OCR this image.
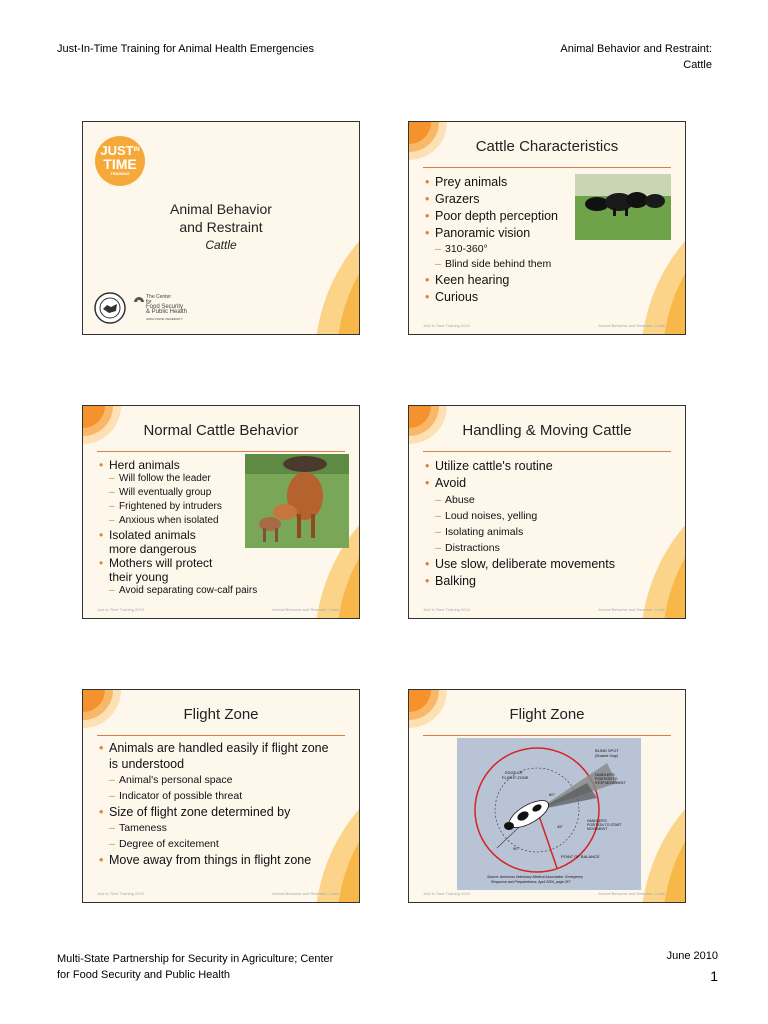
Just-In-Time Training for Animal Health Emergencies	Animal Behavior and Restraint:
Cattle
$JUST^{IN}$
TIME
TRAINING
Animal Behavior
and Restraint
Cattle
The Center
for
Food Security
& Public Health
IOWA STATE UNIVERSITY
Cattle Characteristics
• Prey animals
• Grazers
• Poor depth perception
• Panoramic vision
– 310-360°
– Blind side behind them
• Keen hearing
• Curious
Just In Time Training 2010	Animal Behavior and Restraint: Cattle
Normal Cattle Behavior
• Herd animals
– Will follow the leader
– Will eventually group
– Frightened by intruders
– Anxious when isolated
• Isolated animals more dangerous
• Mothers will protect their young
– Avoid separating cow-calf pairs
Just In Time Training 2010	Animal Behavior and Restraint: Cattle
Handling & Moving Cattle
• Utilize cattle's routine
• Avoid
– Abuse
– Loud noises, yelling
– Isolating animals
– Distractions
• Use slow, deliberate movements
• Balking
Just In Time Training 2010	Animal Behavior and Restraint: Cattle
Flight Zone
• Animals are handled easily if flight zone is understood
– Animal's personal space
– Indicator of possible threat
• Size of flight zone determined by
– Tameness
– Degree of excitement
• Move away from things in flight zone
Just In Time Training 2010	Animal Behavior and Restraint: Cattle
Flight Zone
BLIND SPOT
(Shaded Gray)
EDGE OF
FLIGHT ZONE	HANDLER'S
POSITION TO
STOP MOVEMENT
HANDLER'S
POSITION TO START
MOVEMENT
POINT OF BALANCE
60°
45°
90°
Source: American Veterinary Medical Association, Emergency
Response and Preparedness, April 2006, page 267
Just In Time Training 2010	Animal Behavior and Restraint: Cattle
Multi-State Partnership for Security in Agriculture; Center
for Food Security and Public Health
June 2010
1
